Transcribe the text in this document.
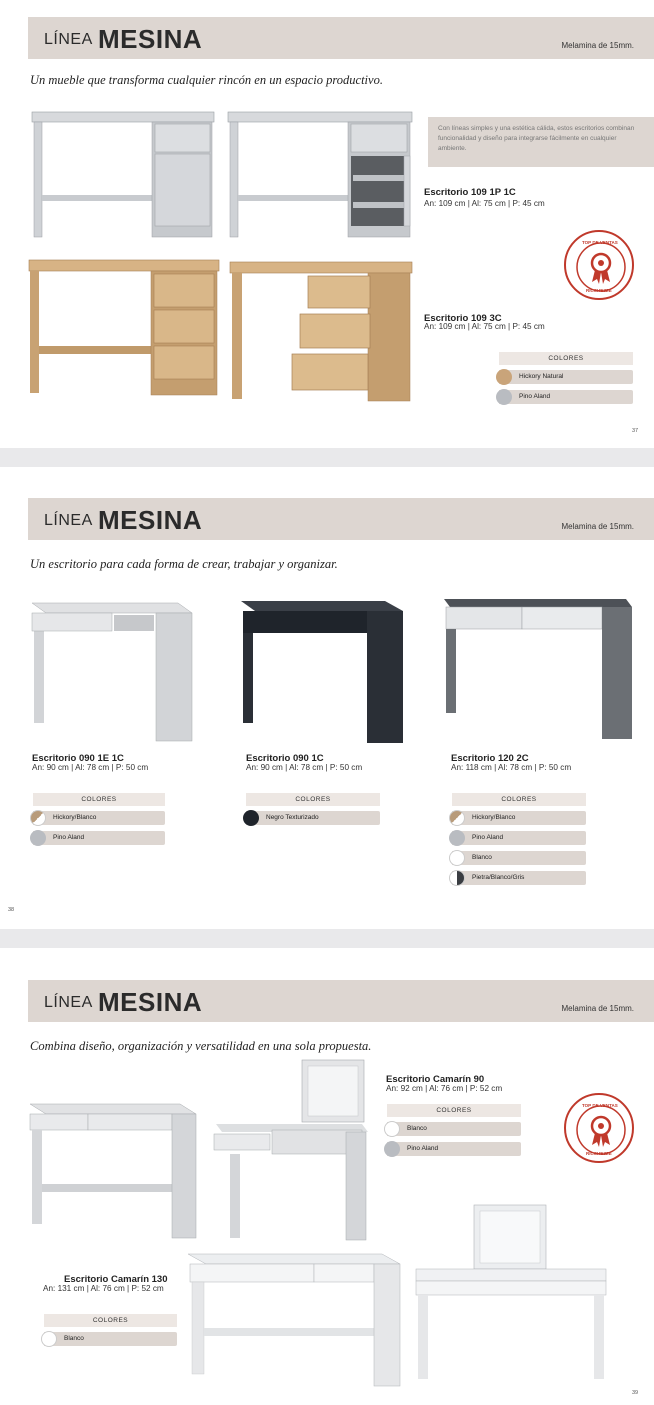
LÍNEA MESINA	Melamina de 15mm.
Un mueble que transforma cualquier rincón en un espacio productivo.
Con líneas simples y una estética cálida, estos escritorios combinan funcionalidad y diseño para integrarse fácilmente en cualquier ambiente.
Escritorio 109 1P 1C
An: 109 cm | Al: 75 cm | P: 45 cm
TOP DE VENTAS
RICCHEZZE
Escritorio 109 3C
An: 109 cm | Al: 75 cm | P: 45 cm
COLORES
Hickory Natural
Pino Aland
37
LÍNEA MESINA	Melamina de 15mm.
Un escritorio para cada forma de crear, trabajar y organizar.
Escritorio 090 1E 1C
An: 90 cm | Al: 78 cm | P: 50 cm
Escritorio 090 1C
An: 90 cm | Al: 78 cm | P: 50 cm
Escritorio 120 2C
An: 118 cm | Al: 78 cm | P: 50 cm
COLORES
Hickory/Blanco
Pino Aland
COLORES
Negro Texturizado
COLORES
Hickory/Blanco
Pino Aland
Blanco
Pietra/Blanco/Gris
38
LÍNEA MESINA	Melamina de 15mm.
Combina diseño, organización y versatilidad en una sola propuesta.
Escritorio Camarín 90
An: 92 cm | Al: 76 cm | P: 52 cm
COLORES
Blanco
Pino Aland
TOP DE VENTAS
RICCHEZZE
Escritorio Camarín 130
An: 131 cm | Al: 76 cm | P: 52 cm
COLORES
Blanco
39
